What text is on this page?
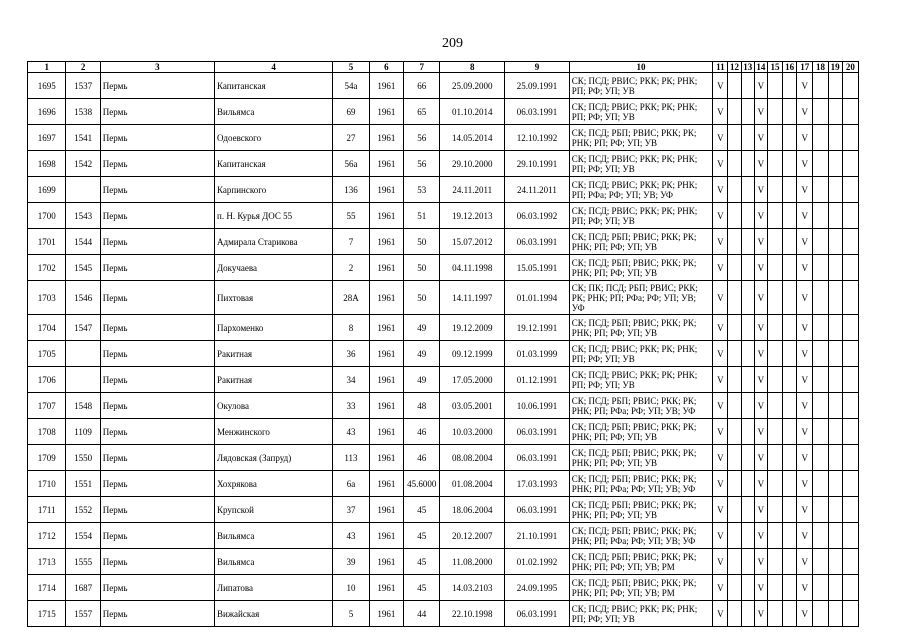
209
1	2	3	4	5	6	7	8	9	10	11	12	13	14	15	16	17	18	19	20
1695	1537	Пермь	Капитанская	54а	1961	66	25.09.2000	25.09.1991	СК; ПСД; РВИС; РКК; РК; РНК; РП; РФ; УП; УВ	V			V			V			
1696	1538	Пермь	Вильямса	69	1961	65	01.10.2014	06.03.1991	СК; ПСД; РВИС; РКК; РК; РНК; РП; РФ; УП; УВ	V			V			V			
1697	1541	Пермь	Одоевского	27	1961	56	14.05.2014	12.10.1992	СК; ПСД; РБП; РВИС; РКК; РК; РНК; РП; РФ; УП; УВ	V			V			V			
1698	1542	Пермь	Капитанская	56а	1961	56	29.10.2000	29.10.1991	СК; ПСД; РВИС; РКК; РК; РНК; РП; РФ; УП; УВ	V			V			V			
1699		Пермь	Карпинского	136	1961	53	24.11.2011	24.11.2011	СК; ПСД; РВИС; РКК; РК; РНК; РП; РФа; РФ; УП; УВ; УФ	V			V			V			
1700	1543	Пермь	п. Н. Курья ДОС 55	55	1961	51	19.12.2013	06.03.1992	СК; ПСД; РВИС; РКК; РК; РНК; РП; РФ; УП; УВ	V			V			V			
1701	1544	Пермь	Адмирала Старикова	7	1961	50	15.07.2012	06.03.1991	СК; ПСД; РБП; РВИС; РКК; РК; РНК; РП; РФ; УП; УВ	V			V			V			
1702	1545	Пермь	Докучаева	2	1961	50	04.11.1998	15.05.1991	СК; ПСД; РБП; РВИС; РКК; РК; РНК; РП; РФ; УП; УВ	V			V			V			
1703	1546	Пермь	Пихтовая	28А	1961	50	14.11.1997	01.01.1994	СК; ПК; ПСД; РБП; РВИС; РКК; РК; РНК; РП; РФа; РФ; УП; УВ; УФ	V			V			V			
1704	1547	Пермь	Пархоменко	8	1961	49	19.12.2009	19.12.1991	СК; ПСД; РБП; РВИС; РКК; РК; РНК; РП; РФ; УП; УВ	V			V			V			
1705		Пермь	Ракитная	36	1961	49	09.12.1999	01.03.1999	СК; ПСД; РВИС; РКК; РК; РНК; РП; РФ; УП; УВ	V			V			V			
1706		Пермь	Ракитная	34	1961	49	17.05.2000	01.12.1991	СК; ПСД; РВИС; РКК; РК; РНК; РП; РФ; УП; УВ	V			V			V			
1707	1548	Пермь	Окулова	33	1961	48	03.05.2001	10.06.1991	СК; ПСД; РБП; РВИС; РКК; РК; РНК; РП; РФа; РФ; УП; УВ; УФ	V			V			V			
1708	1109	Пермь	Менжинского	43	1961	46	10.03.2000	06.03.1991	СК; ПСД; РБП; РВИС; РКК; РК; РНК; РП; РФ; УП; УВ	V			V			V			
1709	1550	Пермь	Лядовская (Запруд)	113	1961	46	08.08.2004	06.03.1991	СК; ПСД; РБП; РВИС; РКК; РК; РНК; РП; РФ; УП; УВ	V			V			V			
1710	1551	Пермь	Хохрякова	6а	1961	45.6000	01.08.2004	17.03.1993	СК; ПСД; РБП; РВИС; РКК; РК; РНК; РП; РФа; РФ; УП; УВ; УФ	V			V			V			
1711	1552	Пермь	Крупской	37	1961	45	18.06.2004	06.03.1991	СК; ПСД; РБП; РВИС; РКК; РК; РНК; РП; РФ; УП; УВ	V			V			V			
1712	1554	Пермь	Вильямса	43	1961	45	20.12.2007	21.10.1991	СК; ПСД; РБП; РВИС; РКК; РК; РНК; РП; РФа; РФ; УП; УВ; УФ	V			V			V			
1713	1555	Пермь	Вильямса	39	1961	45	11.08.2000	01.02.1992	СК; ПСД; РБП; РВИС; РКК; РК; РНК; РП; РФ; УП; УВ; РМ	V			V			V			
1714	1687	Пермь	Липатова	10	1961	45	14.03.2103	24.09.1995	СК; ПСД; РБП; РВИС; РКК; РК; РНК; РП; РФ; УП; УВ; РМ	V			V			V			
1715	1557	Пермь	Вижайская	5	1961	44	22.10.1998	06.03.1991	СК; ПСД; РВИС; РКК; РК; РНК; РП; РФ; УП; УВ	V			V			V			
